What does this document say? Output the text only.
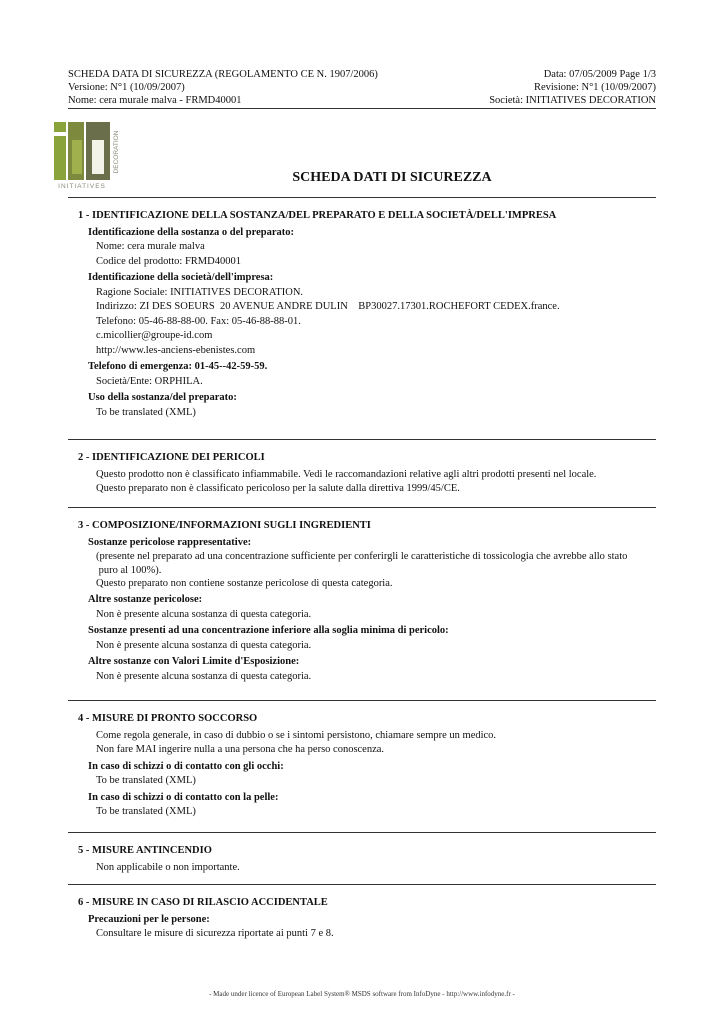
SCHEDA DATA DI SICUREZZA (REGOLAMENTO CE N. 1907/2006)	Data: 07/05/2009 Page 1/3
Versione: N°1 (10/09/2007)	Revisione: N°1 (10/09/2007)
Nome: cera murale malva - FRMD40001	Società: INITIATIVES DECORATION
DECORATION
INITIATIVES
SCHEDA DATI DI SICUREZZA
1 - IDENTIFICAZIONE DELLA SOSTANZA/DEL PREPARATO E DELLA SOCIETÀ/DELL'IMPRESA
Identificazione della sostanza o del preparato:
Nome: cera murale malva
Codice del prodotto: FRMD40001
Identificazione della società/dell'impresa:
Ragione Sociale: INITIATIVES DECORATION.
Indirizzo: ZI DES SOEURS  20 AVENUE ANDRE DULIN    BP30027.17301.ROCHEFORT CEDEX.france.
Telefono: 05-46-88-88-00. Fax: 05-46-88-88-01.
c.micollier@groupe-id.com
http://www.les-anciens-ebenistes.com
Telefono di emergenza: 01-45--42-59-59.
Società/Ente: ORPHILA.
Uso della sostanza/del preparato:
To be translated (XML)
2 - IDENTIFICAZIONE DEI PERICOLI
Questo prodotto non è classificato infiammabile. Vedi le raccomandazioni relative agli altri prodotti presenti nel locale.
Questo preparato non è classificato pericoloso per la salute dalla direttiva 1999/45/CE.
3 - COMPOSIZIONE/INFORMAZIONI SUGLI INGREDIENTI
Sostanze pericolose rappresentative:
(presente nel preparato ad una concentrazione sufficiente per conferirgli le caratteristiche di tossicologia che avrebbe allo stato
puro al 100%).
Questo preparato non contiene sostanze pericolose di questa categoria.
Altre sostanze pericolose:
Non è presente alcuna sostanza di questa categoria.
Sostanze presenti ad una concentrazione inferiore alla soglia minima di pericolo:
Non è presente alcuna sostanza di questa categoria.
Altre sostanze con Valori Limite d'Esposizione:
Non è presente alcuna sostanza di questa categoria.
4 - MISURE DI PRONTO SOCCORSO
Come regola generale, in caso di dubbio o se i sintomi persistono, chiamare sempre un medico.
Non fare MAI ingerire nulla a una persona che ha perso conoscenza.
In caso di schizzi o di contatto con gli occhi:
To be translated (XML)
In caso di schizzi o di contatto con la pelle:
To be translated (XML)
5 - MISURE ANTINCENDIO
Non applicabile o non importante.
6 - MISURE IN CASO DI RILASCIO ACCIDENTALE
Precauzioni per le persone:
Consultare le misure di sicurezza riportate ai punti 7 e 8.
- Made under licence of European Label System® MSDS software from InfoDyne - http://www.infodyne.fr -
